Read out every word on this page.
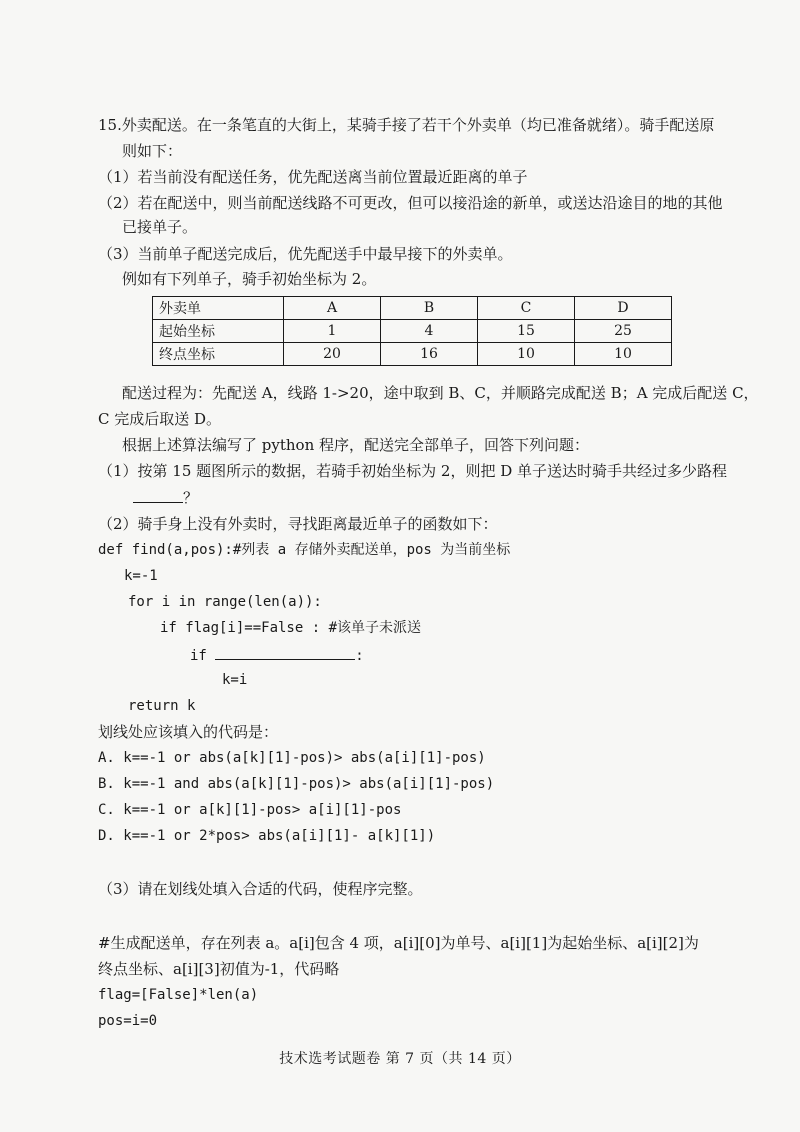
15.外卖配送。在一条笔直的大街上，某骑手接了若干个外卖单（均已准备就绪）。骑手配送原
则如下：
（1）若当前没有配送任务，优先配送离当前位置最近距离的单子
（2）若在配送中，则当前配送线路不可更改，但可以接沿途的新单，或送达沿途目的地的其他
已接单子。
（3）当前单子配送完成后，优先配送手中最早接下的外卖单。
例如有下列单子，骑手初始坐标为 2。
外卖单	A	B	C	D
起始坐标	1	4	15	25
终点坐标	20	16	10	10
配送过程为：先配送 A，线路 1->20，途中取到 B、C，并顺路完成配送 B；A 完成后配送 C，
C 完成后取送 D。
根据上述算法编写了 python 程序，配送完全部单子，回答下列问题：
（1）按第 15 题图所示的数据，若骑手初始坐标为 2，则把 D 单子送达时骑手共经过多少路程
？
（2）骑手身上没有外卖时，寻找距离最近单子的函数如下：
def find(a,pos):#列表 a 存储外卖配送单，pos 为当前坐标
k=-1
for i in range(len(a)):
if flag[i]==False : #该单子未派送
if	:
k=i
return k
划线处应该填入的代码是：
A. k==-1 or abs(a[k][1]-pos)> abs(a[i][1]-pos)
B. k==-1 and abs(a[k][1]-pos)> abs(a[i][1]-pos)
C. k==-1 or a[k][1]-pos> a[i][1]-pos
D. k==-1 or 2*pos> abs(a[i][1]- a[k][1])
（3）请在划线处填入合适的代码，使程序完整。
#生成配送单，存在列表 a。a[i]包含 4 项，a[i][0]为单号、a[i][1]为起始坐标、a[i][2]为
终点坐标、a[i][3]初值为-1，代码略
flag=[False]*len(a)
pos=i=0
技术选考试题卷 第 7 页（共 14 页）
